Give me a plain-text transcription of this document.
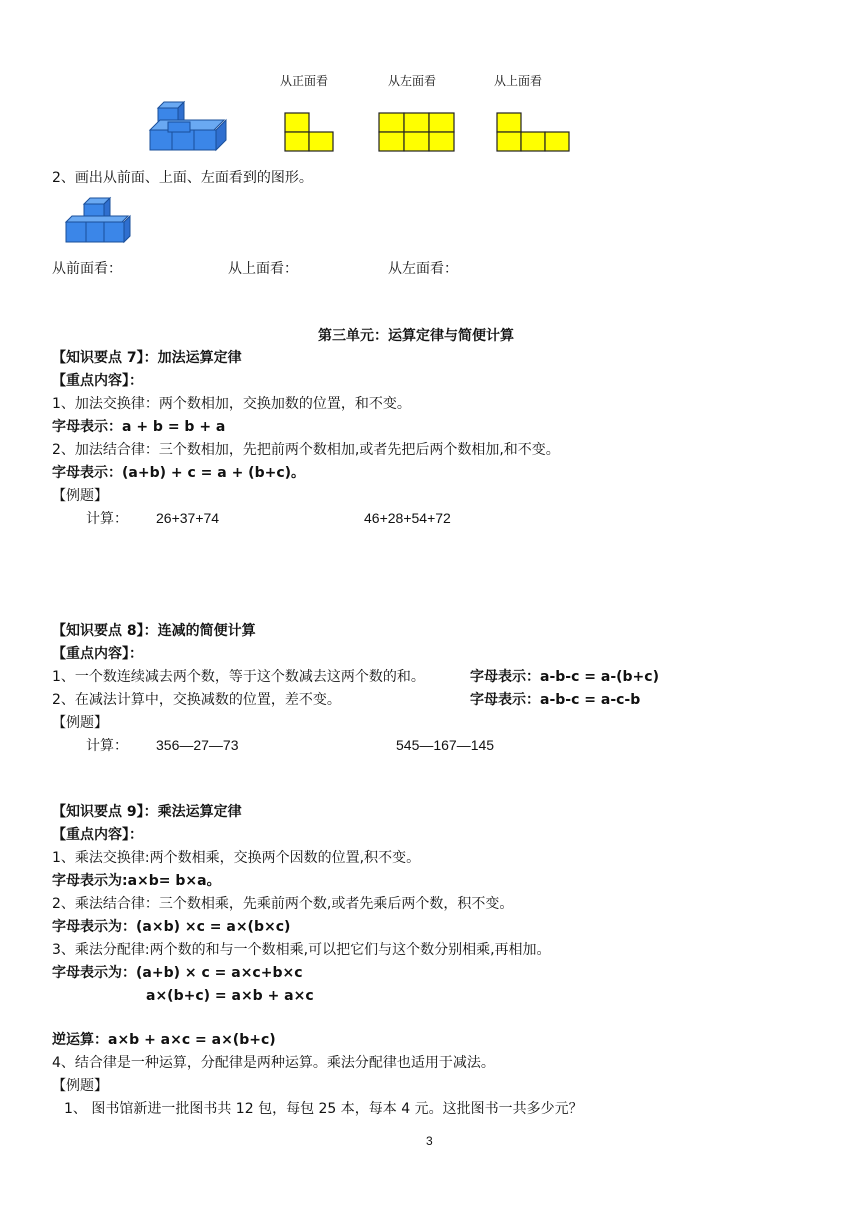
从正面看	从左面看	从上面看
2、画出从前面、上面、左面看到的图形。
从前面看：	从上面看：	从左面看：
第三单元：运算定律与简便计算
【知识要点 7】：加法运算定律
【重点内容】：
1、加法交换律：两个数相加，交换加数的位置，和不变。
字母表示：a + b = b + a
2、加法结合律：三个数相加，先把前两个数相加,或者先把后两个数相加,和不变。
字母表示：(a+b) + c = a + (b+c)。
【例题】
计算： 26+37+74	46+28+54+72
【知识要点 8】：连减的简便计算
【重点内容】：
1、一个数连续减去两个数，等于这个数减去这两个数的和。	字母表示：a-b-c = a-(b+c)
2、在减法计算中，交换减数的位置，差不变。	字母表示：a-b-c = a-c-b
【例题】
计算： 356—27—73	545—167—145
【知识要点 9】：乘法运算定律
【重点内容】：
1、乘法交换律:两个数相乘，交换两个因数的位置,积不变。
字母表示为:a×b= b×a。
2、乘法结合律：三个数相乘，先乘前两个数,或者先乘后两个数，积不变。
字母表示为：(a×b) ×c = a×(b×c)
3、乘法分配律:两个数的和与一个数相乘,可以把它们与这个数分别相乘,再相加。
字母表示为：(a+b) × c = a×c+b×c
a×(b+c) = a×b + a×c
逆运算：a×b + a×c = a×(b+c)
4、结合律是一种运算，分配律是两种运算。乘法分配律也适用于减法。
【例题】
1、 图书馆新进一批图书共 12 包，每包 25 本，每本 4 元。这批图书一共多少元？
3
